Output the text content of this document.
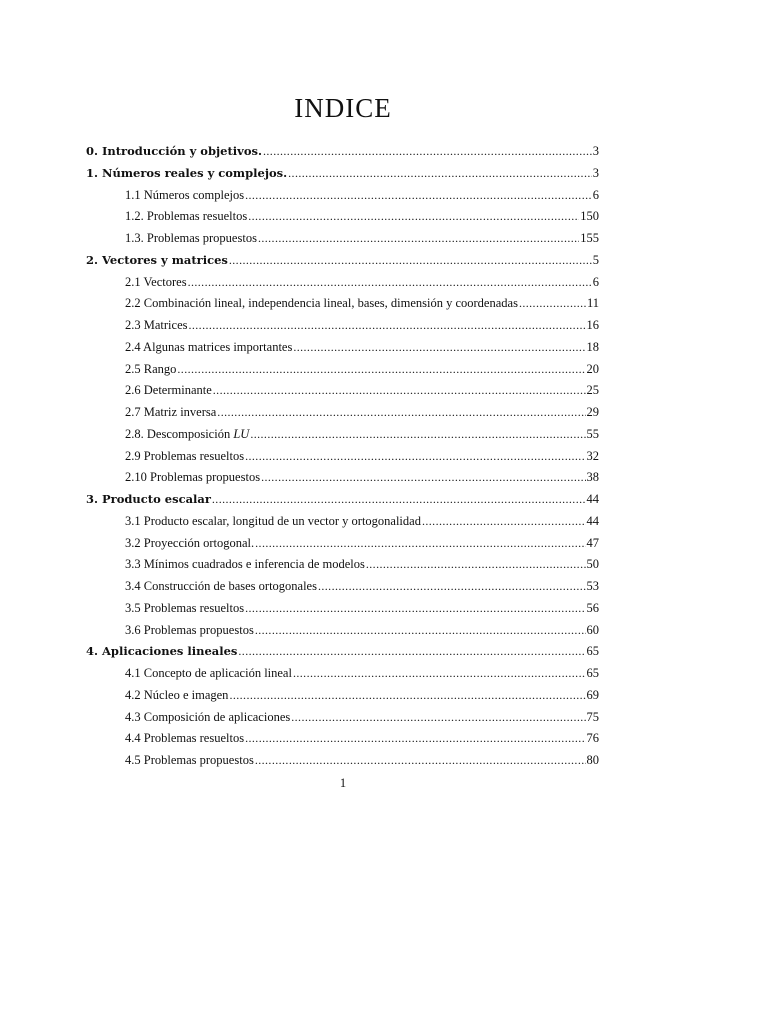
INDICE
0. Introducción y objetivos. . . .	3
1. Números reales y complejos. . . .	3
1.1 Números complejos . . .	6
1.2. Problemas resueltos . . .	150
1.3. Problemas propuestos . . .	155
2. Vectores y matrices . . .	5
2.1 Vectores . . .	6
2.2 Combinación lineal, independencia lineal, bases, dimensión y coordenadas . . .	11
2.3 Matrices . . .	16
2.4 Algunas matrices importantes . . .	18
2.5 Rango . . .	20
2.6 Determinante . . .	25
2.7 Matriz inversa . . .	29
2.8. Descomposición LU . . .	55
2.9 Problemas resueltos . . .	32
2.10 Problemas propuestos . . .	38
3. Producto escalar . . .	44
3.1 Producto escalar, longitud de un vector y ortogonalidad . . .	44
3.2 Proyección ortogonal. . . .	47
3.3 Mínimos cuadrados e inferencia de modelos . . .	50
3.4 Construcción de bases ortogonales . . .	53
3.5 Problemas resueltos . . .	56
3.6 Problemas propuestos . . .	60
4. Aplicaciones lineales . . .	65
4.1 Concepto de aplicación lineal . . .	65
4.2 Núcleo e imagen . . .	69
4.3 Composición de aplicaciones . . .	75
4.4 Problemas resueltos . . .	76
4.5 Problemas propuestos . . .	80
1
